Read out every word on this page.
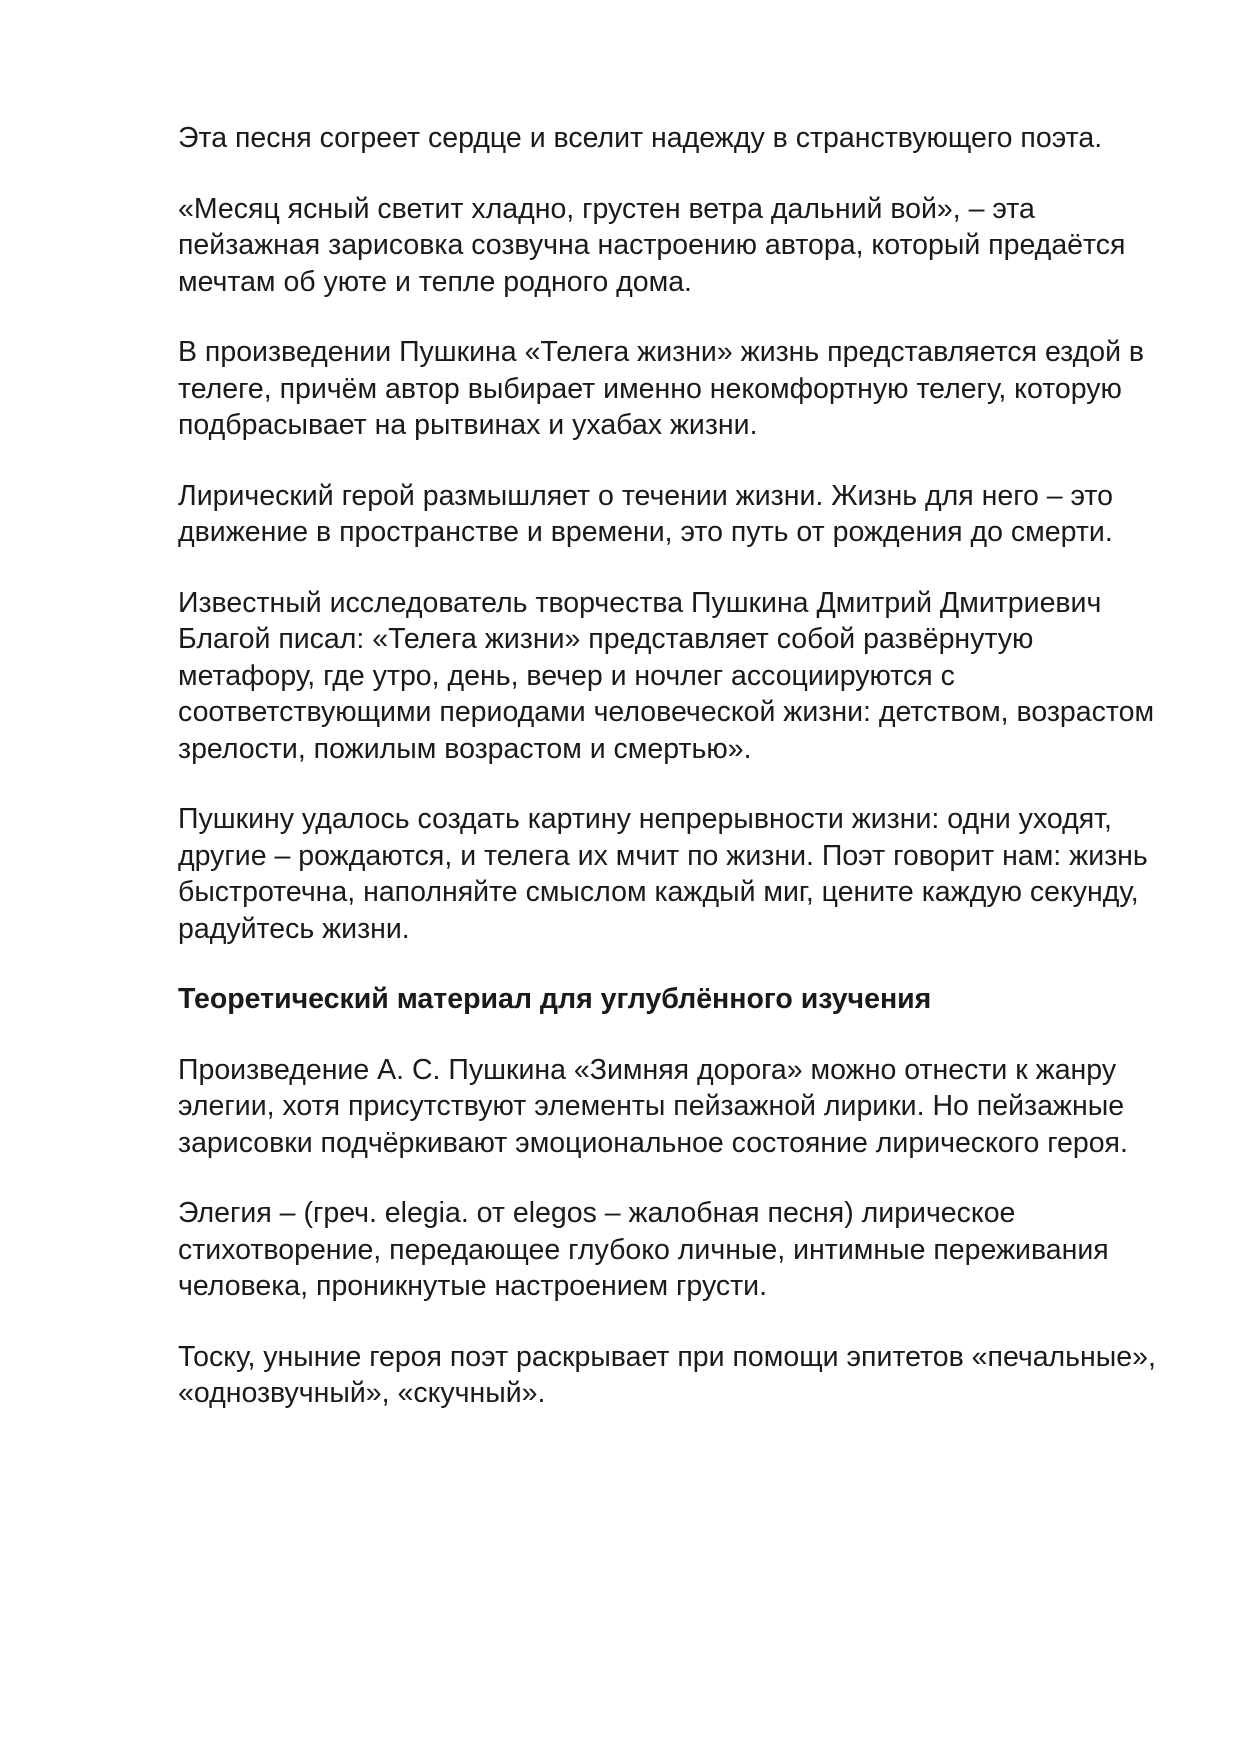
Эта песня согреет сердце и вселит надежду в странствующего поэта.

«Месяц ясный светит хладно, грустен ветра дальний вой», – эта пейзажная зарисовка созвучна настроению автора, который предаётся мечтам об уюте и тепле родного дома.

В произведении Пушкина «Телега жизни» жизнь представляется ездой в телеге, причём автор выбирает именно некомфортную телегу, которую подбрасывает на рытвинах и ухабах жизни.

Лирический герой размышляет о течении жизни. Жизнь для него – это движение в пространстве и времени, это путь от рождения до смерти.

Известный исследователь творчества Пушкина Дмитрий Дмитриевич Благой писал: «Телега жизни» представляет собой развёрнутую метафору, где утро, день, вечер и ночлег ассоциируются с соответствующими периодами человеческой жизни: детством, возрастом зрелости, пожилым возрастом и смертью».

Пушкину удалось создать картину непрерывности жизни: одни уходят, другие – рождаются, и телега их мчит по жизни. Поэт говорит нам: жизнь быстротечна, наполняйте смыслом каждый миг, цените каждую секунду, радуйтесь жизни.

Теоретический материал для углублённого изучения

Произведение А. С. Пушкина «Зимняя дорога» можно отнести к жанру элегии, хотя присутствуют элементы пейзажной лирики. Но пейзажные зарисовки подчёркивают эмоциональное состояние лирического героя.

Элегия – (греч. elegia. от elegos – жалобная песня) лирическое стихотворение, передающее глубоко личные, интимные переживания человека, проникнутые настроением грусти.

Тоску, уныние героя поэт раскрывает при помощи эпитетов «печальные», «однозвучный», «скучный».
